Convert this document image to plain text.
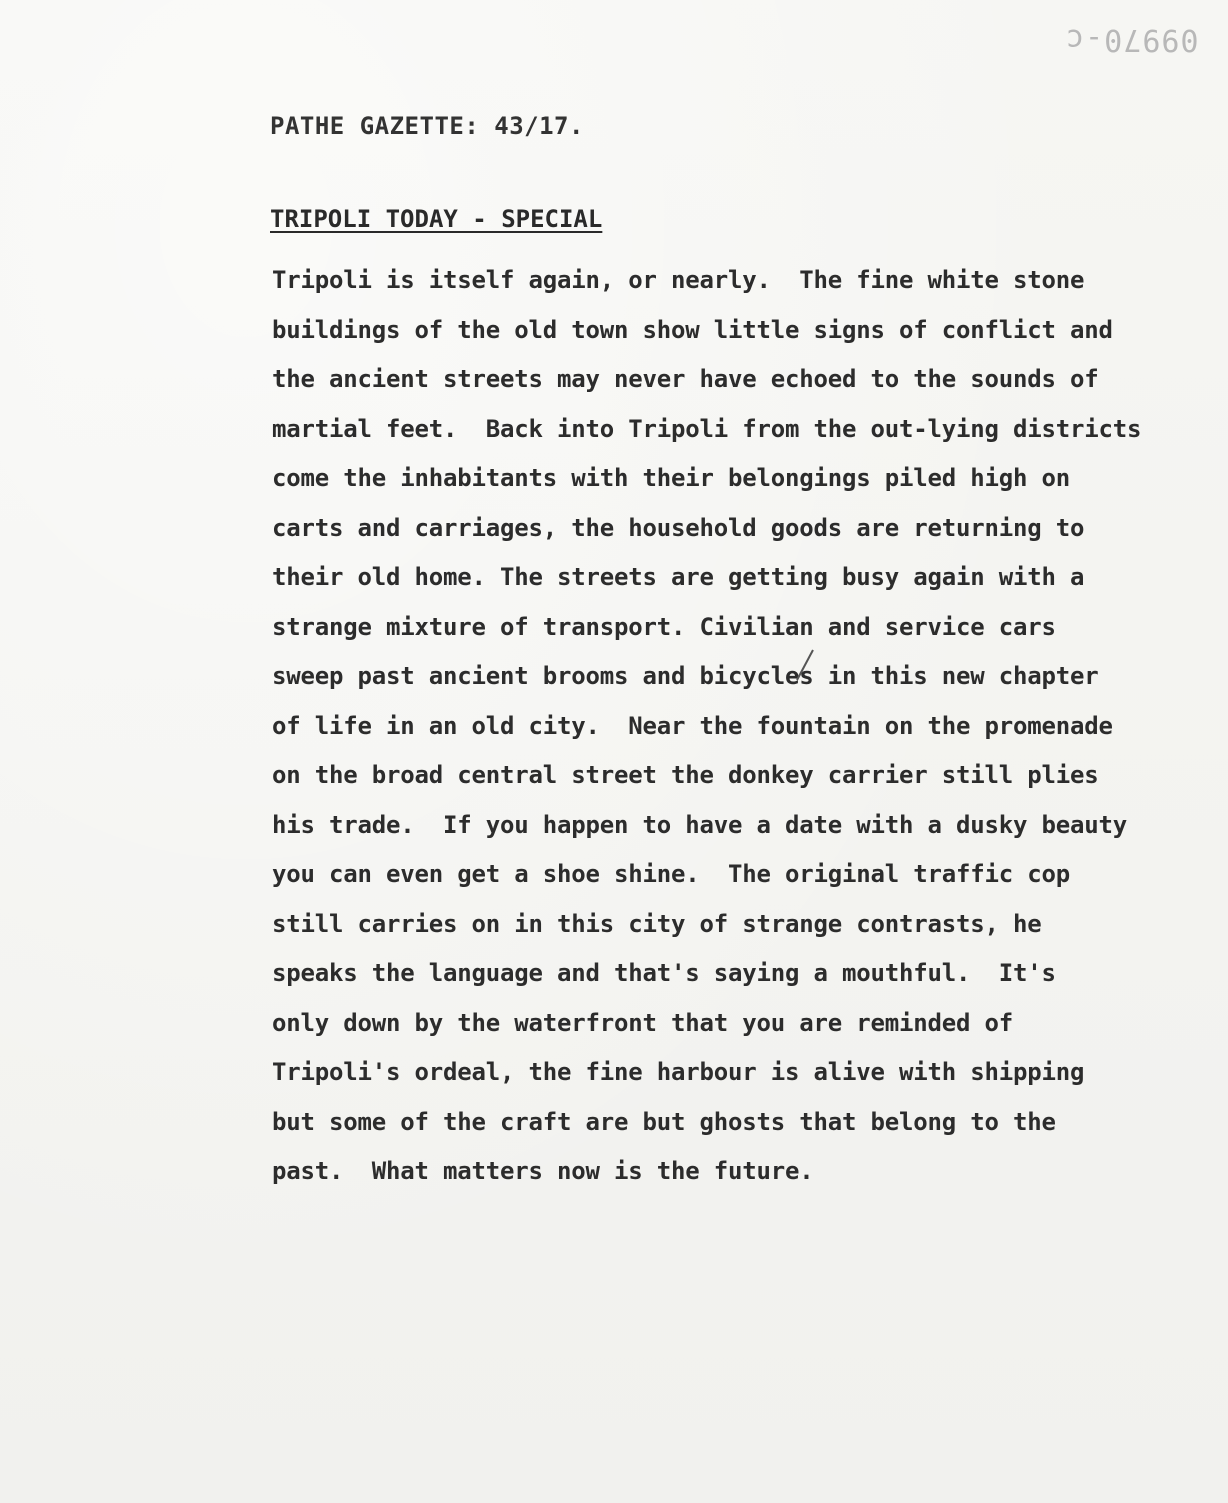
09970-c
PATHE GAZETTE: 43/17.
TRIPOLI TODAY - SPECIAL
Tripoli is itself again, or nearly.  The fine white stone
buildings of the old town show little signs of conflict and
the ancient streets may never have echoed to the sounds of
martial feet.  Back into Tripoli from the out-lying districts
come the inhabitants with their belongings piled high on
carts and carriages, the household goods are returning to
their old home. The streets are getting busy again with a
strange mixture of transport. Civilian and service cars
sweep past ancient brooms and bicycles in this new chapter
of life in an old city.  Near the fountain on the promenade
on the broad central street the donkey carrier still plies
his trade.  If you happen to have a date with a dusky beauty
you can even get a shoe shine.  The original traffic cop
still carries on in this city of strange contrasts, he
speaks the language and that's saying a mouthful.  It's
only down by the waterfront that you are reminded of
Tripoli's ordeal, the fine harbour is alive with shipping
but some of the craft are but ghosts that belong to the
past.  What matters now is the future.
